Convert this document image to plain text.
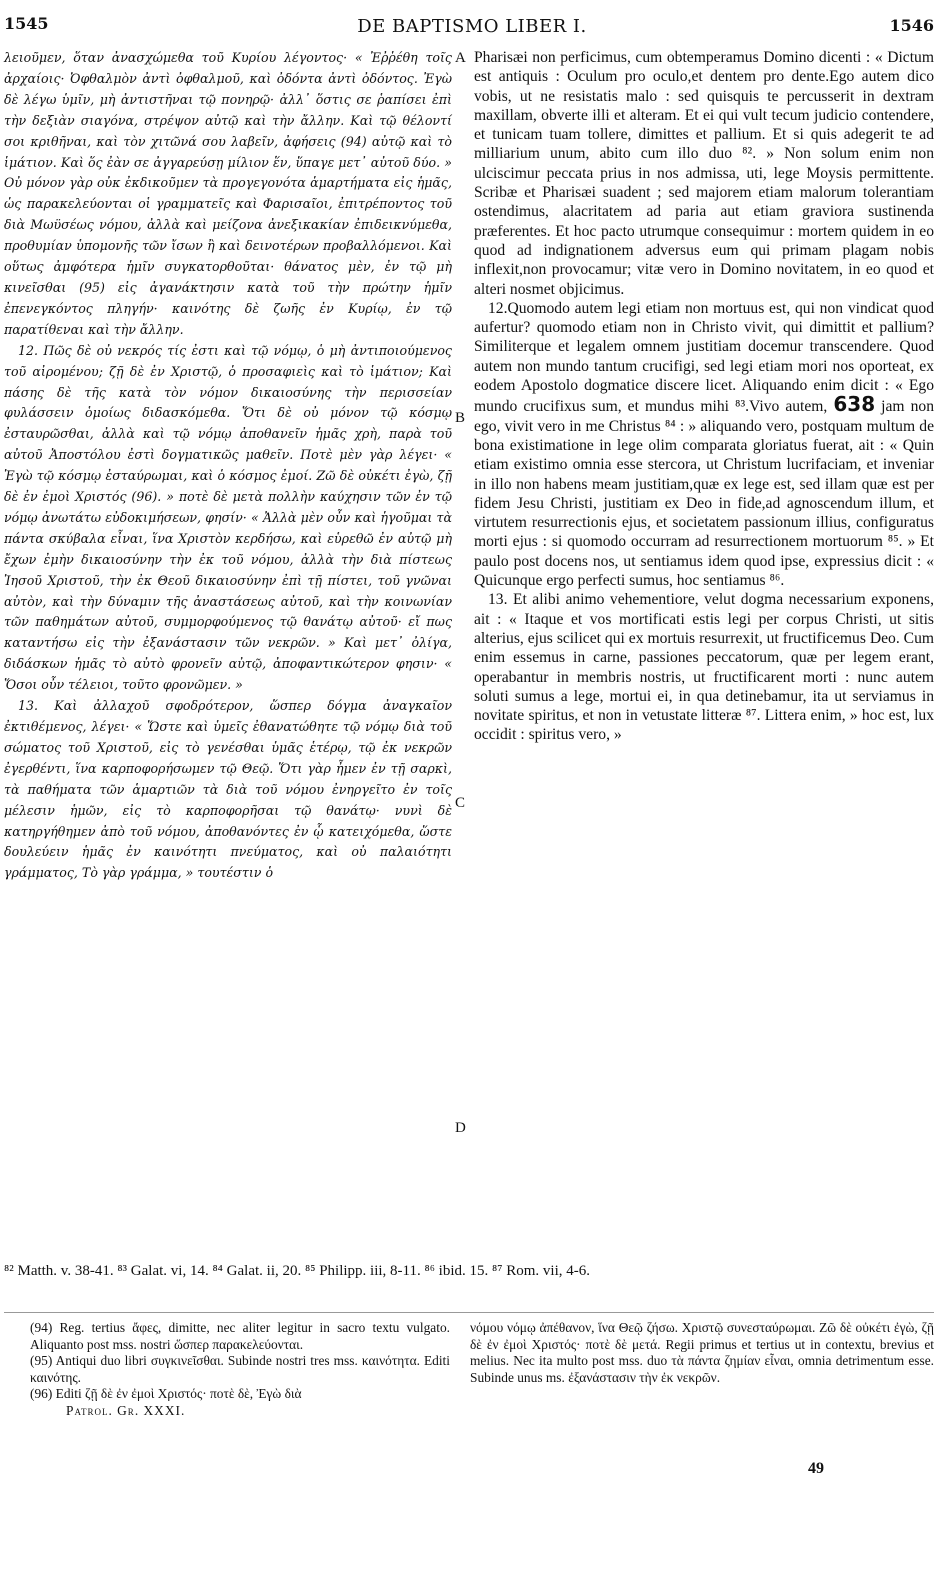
1545	DE BAPTISMO LIBER I.	1546

λειοῦμεν, ὅταν ἀνασχώμεθα τοῦ Κυρίου λέγοντος· « Ἐῤῥέθη τοῖς ἀρχαίοις· Ὀφθαλμὸν ἀντὶ ὀφθαλμοῦ, καὶ ὀδόντα ἀντὶ ὀδόντος. Ἐγὼ δὲ λέγω ὑμῖν, μὴ ἀντιστῆναι τῷ πονηρῷ· ἀλλ᾽ ὅστις σε ῥαπίσει ἐπὶ τὴν δεξιὰν σιαγόνα, στρέψον αὐτῷ καὶ τὴν ἄλλην. Καὶ τῷ θέλοντί σοι κριθῆναι, καὶ τὸν χιτῶνά σου λαβεῖν, ἀφήσεις (94) αὐτῷ καὶ τὸ ἱμάτιον. Καὶ ὅς ἐὰν σε ἀγγαρεύσῃ μίλιον ἕν, ὕπαγε μετ᾽ αὐτοῦ δύο. » Οὐ μόνον γὰρ οὐκ ἐκδικοῦμεν τὰ προγεγονότα ἁμαρτήματα εἰς ἡμᾶς, ὡς παρακελεύονται οἱ γραμματεῖς καὶ Φαρισαῖοι, ἐπιτρέποντος τοῦ διὰ Μωϋσέως νόμου, ἀλλὰ καὶ μείζονα ἀνεξικακίαν ἐπιδεικνύμεθα, προθυμίαν ὑπομονῆς τῶν ἴσων ἢ καὶ δεινοτέρων προβαλλόμενοι. Καὶ οὕτως ἀμφότερα ἡμῖν συγκατορθοῦται· θάνατος μὲν, ἐν τῷ μὴ κινεῖσθαι (95) εἰς ἀγανάκτησιν κατὰ τοῦ τὴν πρώτην ἡμῖν ἐπενεγκόντος πληγήν· καινότης δὲ ζωῆς ἐν Κυρίῳ, ἐν τῷ παρατίθεναι καὶ τὴν ἄλλην.

12. Πῶς δὲ οὐ νεκρός τίς ἐστι καὶ τῷ νόμῳ, ὁ μὴ ἀντιποιούμενος τοῦ αἰρομένου; ζῇ δὲ ἐν Χριστῷ, ὁ προσαφιεὶς καὶ τὸ ἱμάτιον; Καὶ πάσης δὲ τῆς κατὰ τὸν νόμον δικαιοσύνης τὴν περισσείαν φυλάσσειν ὁμοίως διδασκόμεθα. Ὅτι δὲ οὐ μόνον τῷ κόσμῳ ἐσταυρῶσθαι, ἀλλὰ καὶ τῷ νόμῳ ἀποθανεῖν ἡμᾶς χρὴ, παρὰ τοῦ αὐτοῦ Ἀποστόλου ἐστὶ δογματικῶς μαθεῖν. Ποτὲ μὲν γὰρ λέγει· « Ἐγὼ τῷ κόσμῳ ἐσταύρωμαι, καὶ ὁ κόσμος ἐμοί. Ζῶ δὲ οὐκέτι ἐγὼ, ζῇ δὲ ἐν ἐμοὶ Χριστός (96). » ποτὲ δὲ μετὰ πολλὴν καύχησιν τῶν ἐν τῷ νόμῳ ἀνωτάτω εὐδοκιμήσεων, φησίν· « Ἀλλὰ μὲν οὖν καὶ ἡγοῦμαι τὰ πάντα σκύβαλα εἶναι, ἵνα Χριστὸν κερδήσω, καὶ εὑρεθῶ ἐν αὐτῷ μὴ ἔχων ἐμὴν δικαιοσύνην τὴν ἐκ τοῦ νόμου, ἀλλὰ τὴν διὰ πίστεως Ἰησοῦ Χριστοῦ, τὴν ἐκ Θεοῦ δικαιοσύνην ἐπὶ τῇ πίστει, τοῦ γνῶναι αὐτὸν, καὶ τὴν δύναμιν τῆς ἀναστάσεως αὐτοῦ, καὶ τὴν κοινωνίαν τῶν παθημάτων αὐτοῦ, συμμορφούμενος τῷ θανάτῳ αὐτοῦ· εἴ πως καταντήσω εἰς τὴν ἐξανάστασιν τῶν νεκρῶν. » Καὶ μετ᾽ ὀλίγα, διδάσκων ἡμᾶς τὸ αὐτὸ φρονεῖν αὐτῷ, ἀποφαντικώτερον φησιν· « Ὅσοι οὖν τέλειοι, τοῦτο φρονῶμεν. »

13. Καὶ ἀλλαχοῦ σφοδρότερον, ὥσπερ δόγμα ἀναγκαῖον ἐκτιθέμενος, λέγει· « Ὥστε καὶ ὑμεῖς ἐθανατώθητε τῷ νόμῳ διὰ τοῦ σώματος τοῦ Χριστοῦ, εἰς τὸ γενέσθαι ὑμᾶς ἑτέρῳ, τῷ ἐκ νεκρῶν ἐγερθέντι, ἵνα καρποφορήσωμεν τῷ Θεῷ. Ὅτι γὰρ ἦμεν ἐν τῇ σαρκὶ, τὰ παθήματα τῶν ἁμαρτιῶν τὰ διὰ τοῦ νόμου ἐνηργεῖτο ἐν τοῖς μέλεσιν ἡμῶν, εἰς τὸ καρποφορῆσαι τῷ θανάτῳ· νυνὶ δὲ κατηργήθημεν ἀπὸ τοῦ νόμου, ἀποθανόντες ἐν ᾧ κατειχόμεθα, ὥστε δουλεύειν ἡμᾶς ἐν καινότητι πνεύματος, καὶ οὐ παλαιότητι γράμματος, Τὸ γὰρ γράμμα, » τουτέστιν ὁ

A
B
C
D

Pharisæi non perficimus, cum obtemperamus Domino dicenti : « Dictum est antiquis : Oculum pro oculo,et dentem pro dente.Ego autem dico vobis, ut ne resistatis malo : sed quisquis te percusserit in dextram maxillam, obverte illi et alteram. Et ei qui vult tecum judicio contendere, et tunicam tuam tollere, dimittes et pallium. Et si quis adegerit te ad milliarium unum, abito cum illo duo ⁸². » Non solum enim non ulciscimur peccata prius in nos admissa, uti, lege Moysis permittente. Scribæ et Pharisæi suadent ; sed majorem etiam malorum tolerantiam ostendimus, alacritatem ad paria aut etiam graviora sustinenda præferentes. Et hoc pacto utrumque consequimur : mortem quidem in eo quod ad indignationem adversus eum qui primam plagam nobis inflexit,non provocamur; vitæ vero in Domino novitatem, in eo quod et alteri nosmet objicimus.

12.Quomodo autem legi etiam non mortuus est, qui non vindicat quod aufertur? quomodo etiam non in Christo vivit, qui dimittit et pallium? Similiterque et legalem omnem justitiam docemur transcendere. Quod autem non mundo tantum crucifigi, sed legi etiam mori nos oporteat, ex eodem Apostolo dogmatice discere licet. Aliquando enim dicit : « Ego mundo crucifixus sum, et mundus mihi ⁸³.Vivo autem, 638 jam non ego, vivit vero in me Christus ⁸⁴ : » aliquando vero, postquam multum de bona existimatione in lege olim comparata gloriatus fuerat, ait : « Quin etiam existimo omnia esse stercora, ut Christum lucrifaciam, et inveniar in illo non habens meam justitiam,quæ ex lege est, sed illam quæ est per fidem Jesu Christi, justitiam ex Deo in fide,ad agnoscendum illum, et virtutem resurrectionis ejus, et societatem passionum illius, configuratus morti ejus : si quomodo occurram ad resurrectionem mortuorum ⁸⁵. » Et paulo post docens nos, ut sentiamus idem quod ipse, expressius dicit : « Quicunque ergo perfecti sumus, hoc sentiamus ⁸⁶.

13. Et alibi animo vehementiore, velut dogma necessarium exponens, ait : « Itaque et vos mortificati estis legi per corpus Christi, ut sitis alterius, ejus scilicet qui ex mortuis resurrexit, ut fructificemus Deo. Cum enim essemus in carne, passiones peccatorum, quæ per legem erant, operabantur in membris nostris, ut fructificarent morti : nunc autem soluti sumus a lege, mortui ei, in qua detinebamur, ita ut serviamus in novitate spiritus, et non in vetustate litteræ ⁸⁷. Littera enim, » hoc est, lux occidit : spiritus vero, »

⁸² Matth. v. 38-41. ⁸³ Galat. vi, 14. ⁸⁴ Galat. ii, 20. ⁸⁵ Philipp. iii, 8-11. ⁸⁶ ibid. 15. ⁸⁷ Rom. vii, 4-6.

(94) Reg. tertius ἄφες, dimitte, nec aliter legitur in sacro textu vulgato. Aliquanto post mss. nostri ὥσπερ παρακελεύονται.

(95) Antiqui duo libri συγκινεῖσθαι. Subinde nostri tres mss. καινότητα. Editi καινότης.

(96) Editi ζῇ δὲ ἐν ἐμοὶ Χριστός· ποτὲ δὲ, Ἐγὼ διὰ

Patrol. Gr. XXXI.

νόμου νόμῳ ἀπέθανον, ἵνα Θεῷ ζήσω. Χριστῷ συνεσταύρωμαι. Ζῶ δὲ οὐκέτι ἐγὼ, ζῇ δὲ ἐν ἐμοὶ Χριστός· ποτὲ δὲ μετά. Regii primus et tertius ut in contextu, brevius et melius. Nec ita multo post mss. duo τὰ πάντα ζημίαν εἶναι, omnia detrimentum esse. Subinde unus ms. ἐξανάστασιν τὴν ἐκ νεκρῶν.

49
